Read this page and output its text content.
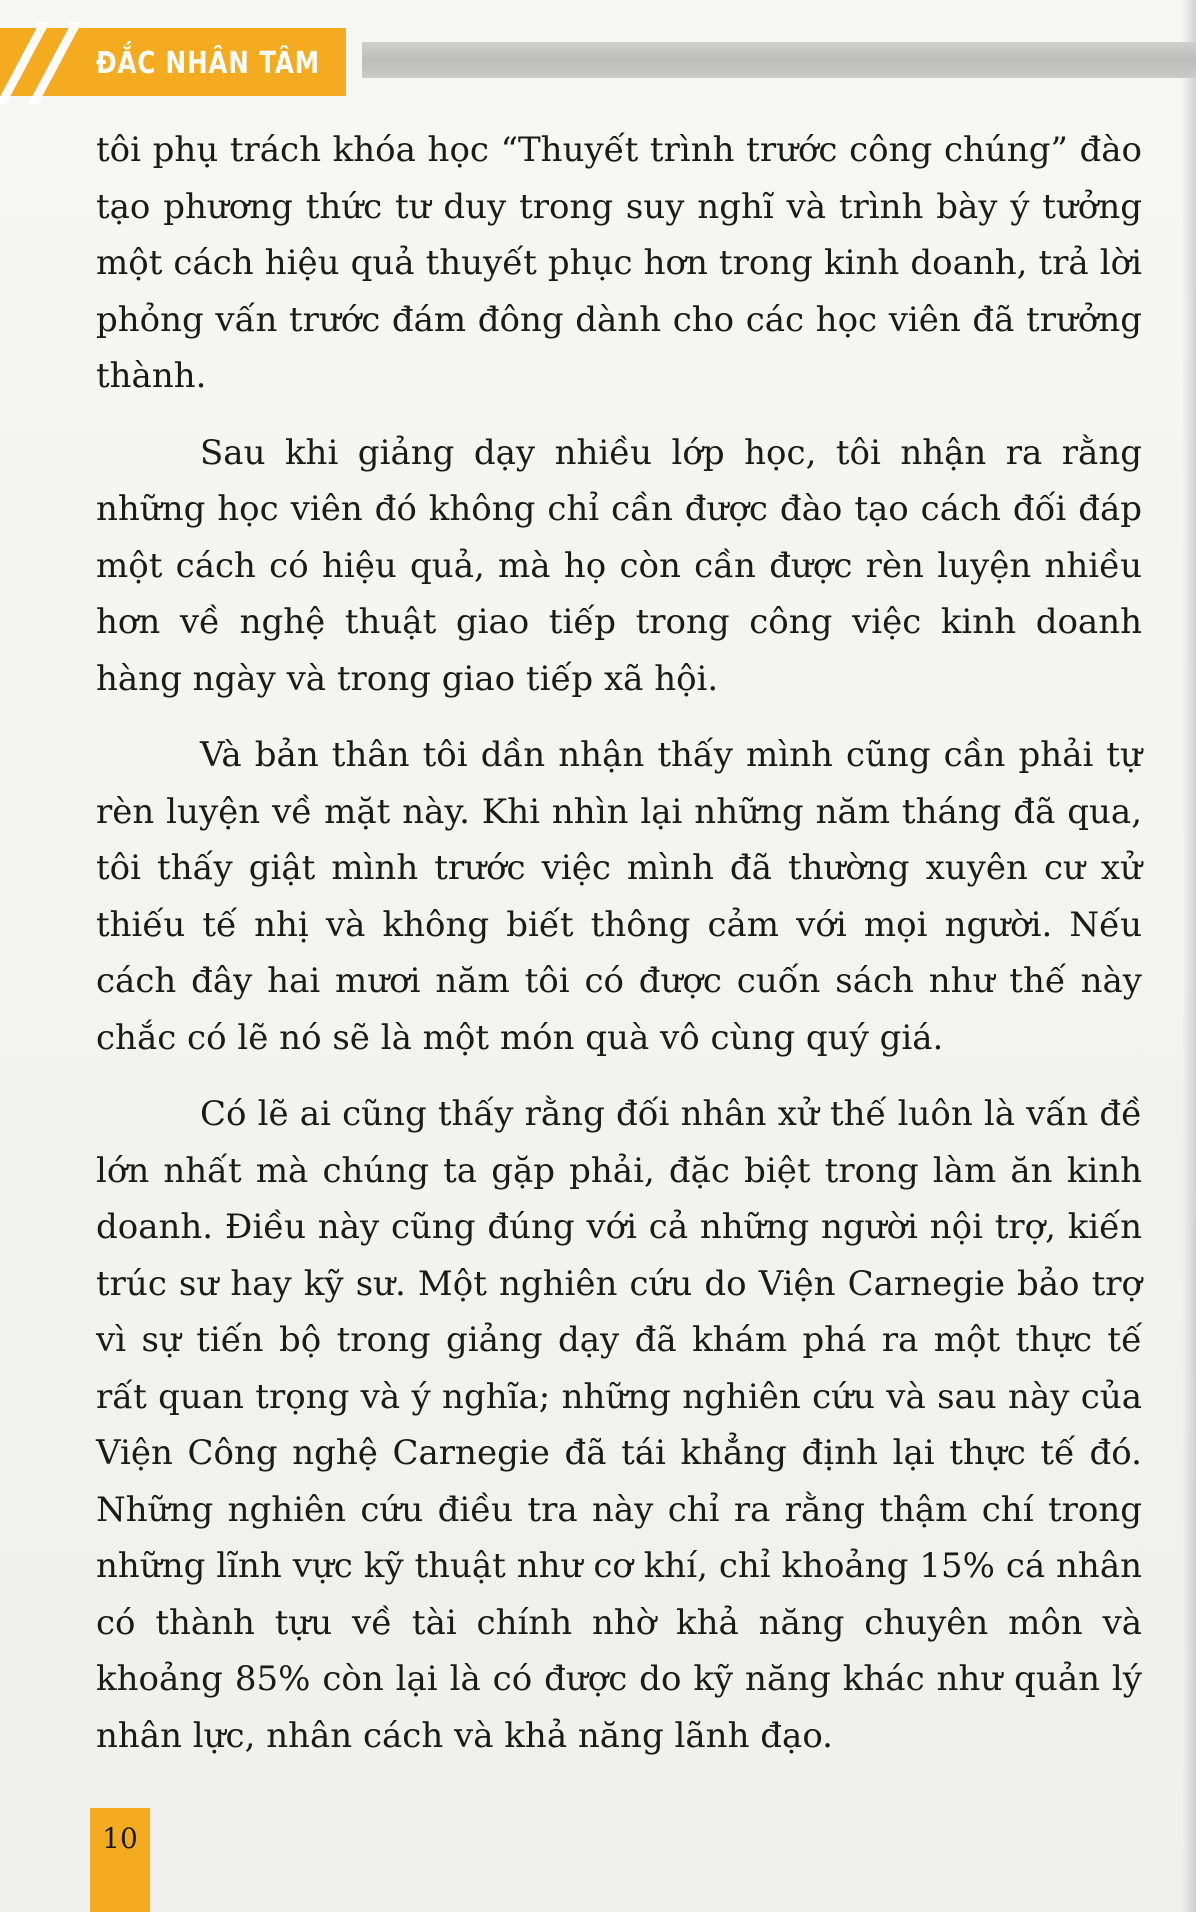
ĐẮC NHÂN TÂM

tôi phụ trách khóa học “Thuyết trình trước công chúng” đào tạo phương thức tư duy trong suy nghĩ và trình bày ý tưởng một cách hiệu quả thuyết phục hơn trong kinh doanh, trả lời phỏng vấn trước đám đông dành cho các học viên đã trưởng thành.

Sau khi giảng dạy nhiều lớp học, tôi nhận ra rằng những học viên đó không chỉ cần được đào tạo cách đối đáp một cách có hiệu quả, mà họ còn cần được rèn luyện nhiều hơn về nghệ thuật giao tiếp trong công việc kinh doanh hàng ngày và trong giao tiếp xã hội.

Và bản thân tôi dần nhận thấy mình cũng cần phải tự rèn luyện về mặt này. Khi nhìn lại những năm tháng đã qua, tôi thấy giật mình trước việc mình đã thường xuyên cư xử thiếu tế nhị và không biết thông cảm với mọi người. Nếu cách đây hai mươi năm tôi có được cuốn sách như thế này chắc có lẽ nó sẽ là một món quà vô cùng quý giá.

Có lẽ ai cũng thấy rằng đối nhân xử thế luôn là vấn đề lớn nhất mà chúng ta gặp phải, đặc biệt trong làm ăn kinh doanh. Điều này cũng đúng với cả những người nội trợ, kiến trúc sư hay kỹ sư. Một nghiên cứu do Viện Carnegie bảo trợ vì sự tiến bộ trong giảng dạy đã khám phá ra một thực tế rất quan trọng và ý nghĩa; những nghiên cứu và sau này của Viện Công nghệ Carnegie đã tái khẳng định lại thực tế đó. Những nghiên cứu điều tra này chỉ ra rằng thậm chí trong những lĩnh vực kỹ thuật như cơ khí, chỉ khoảng 15% cá nhân có thành tựu về tài chính nhờ khả năng chuyên môn và khoảng 85% còn lại là có được do kỹ năng khác như quản lý nhân lực, nhân cách và khả năng lãnh đạo.

10
